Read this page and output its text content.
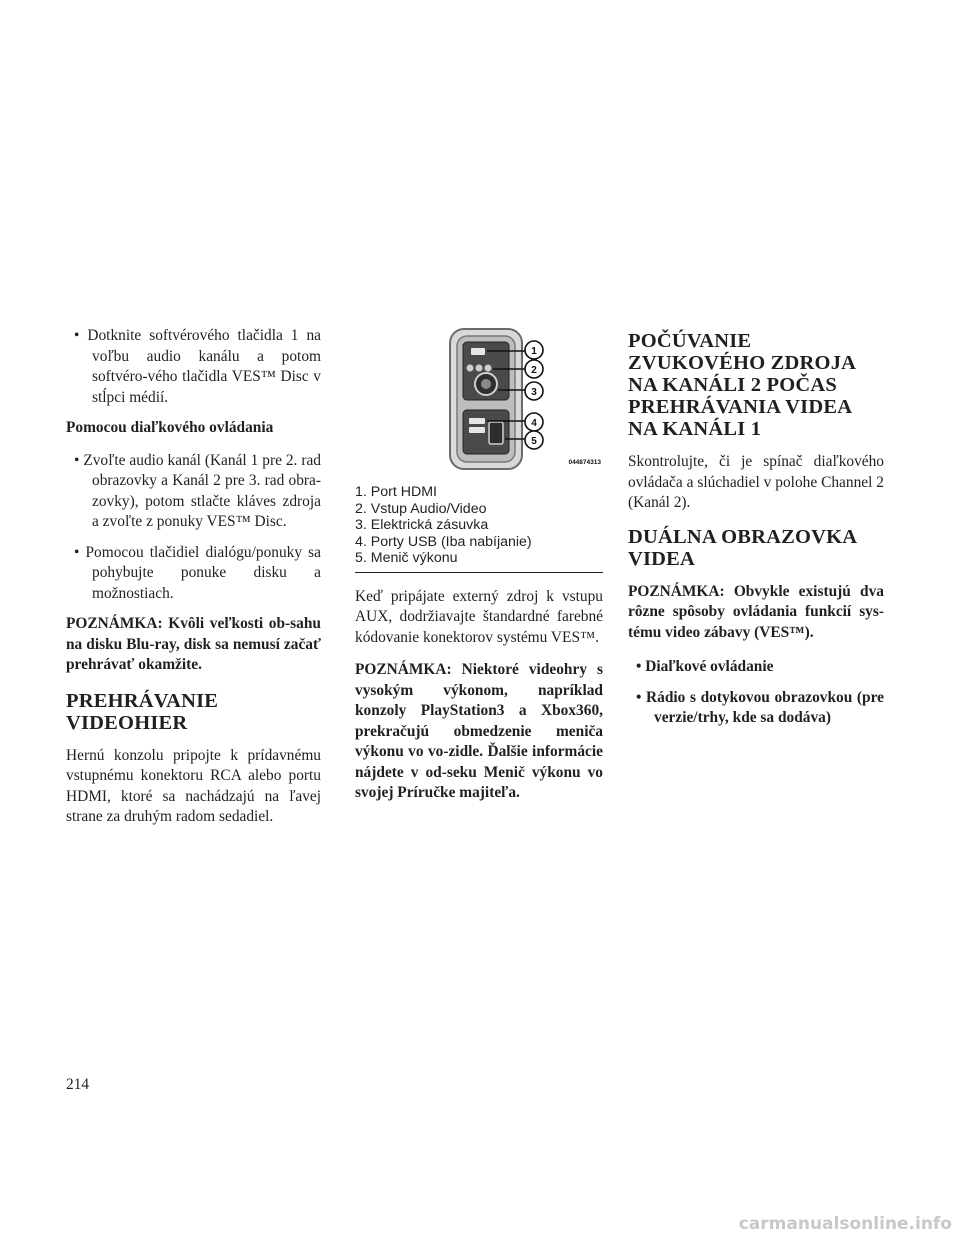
• Dotknite softvérového tlačidla 1 na voľbu audio kanálu a potom softvéro-vého tlačidla VES™ Disc v stĺpci médií.

Pomocou diaľkového ovládania

• Zvoľte audio kanál (Kanál 1 pre 2. rad obrazovky a Kanál 2 pre 3. rad obra-zovky), potom stlačte kláves zdroja a zvoľte z ponuky VES™ Disc.

• Pomocou tlačidiel dialógu/ponuky sa pohybujte ponuke disku a možnostiach.

POZNÁMKA: Kvôli veľkosti ob-sahu na disku Blu-ray, disk sa nemusí začať prehrávať okamžite.

PREHRÁVANIE VIDEOHIER

Hernú konzolu pripojte k prídavnému vstupnému konektoru RCA alebo portu HDMI, ktoré sa nachádzajú na ľavej strane za druhým radom sedadiel.

1
2
3
4
5
044874313
1. Port HDMI
2. Vstup Audio/Video
3. Elektrická zásuvka
4. Porty USB (Iba nabíjanie)
5. Menič výkonu

Keď pripájate externý zdroj k vstupu AUX, dodržiavajte štandardné farebné kódovanie konektorov systému VES™.

POZNÁMKA: Niektoré videohry s vysokým výkonom, napríklad konzoly PlayStation3 a Xbox360, prekračujú obmedzenie meniča výkonu vo vo-zidle. Ďalšie informácie nájdete v od-seku Menič výkonu vo svojej Príručke majiteľa.

POČÚVANIE ZVUKOVÉHO ZDROJA NA KANÁLI 2 POČAS PREHRÁVANIA VIDEA NA KANÁLI 1

Skontrolujte, či je spínač diaľkového ovládača a slúchadiel v polohe Channel 2 (Kanál 2).

DUÁLNA OBRAZOVKA VIDEA

POZNÁMKA: Obvykle existujú dva rôzne spôsoby ovládania funkcií sys-tému video zábavy (VES™).

• Diaľkové ovládanie

• Rádio s dotykovou obrazovkou (pre verzie/trhy, kde sa dodáva)

214
carmanualsonline.info
